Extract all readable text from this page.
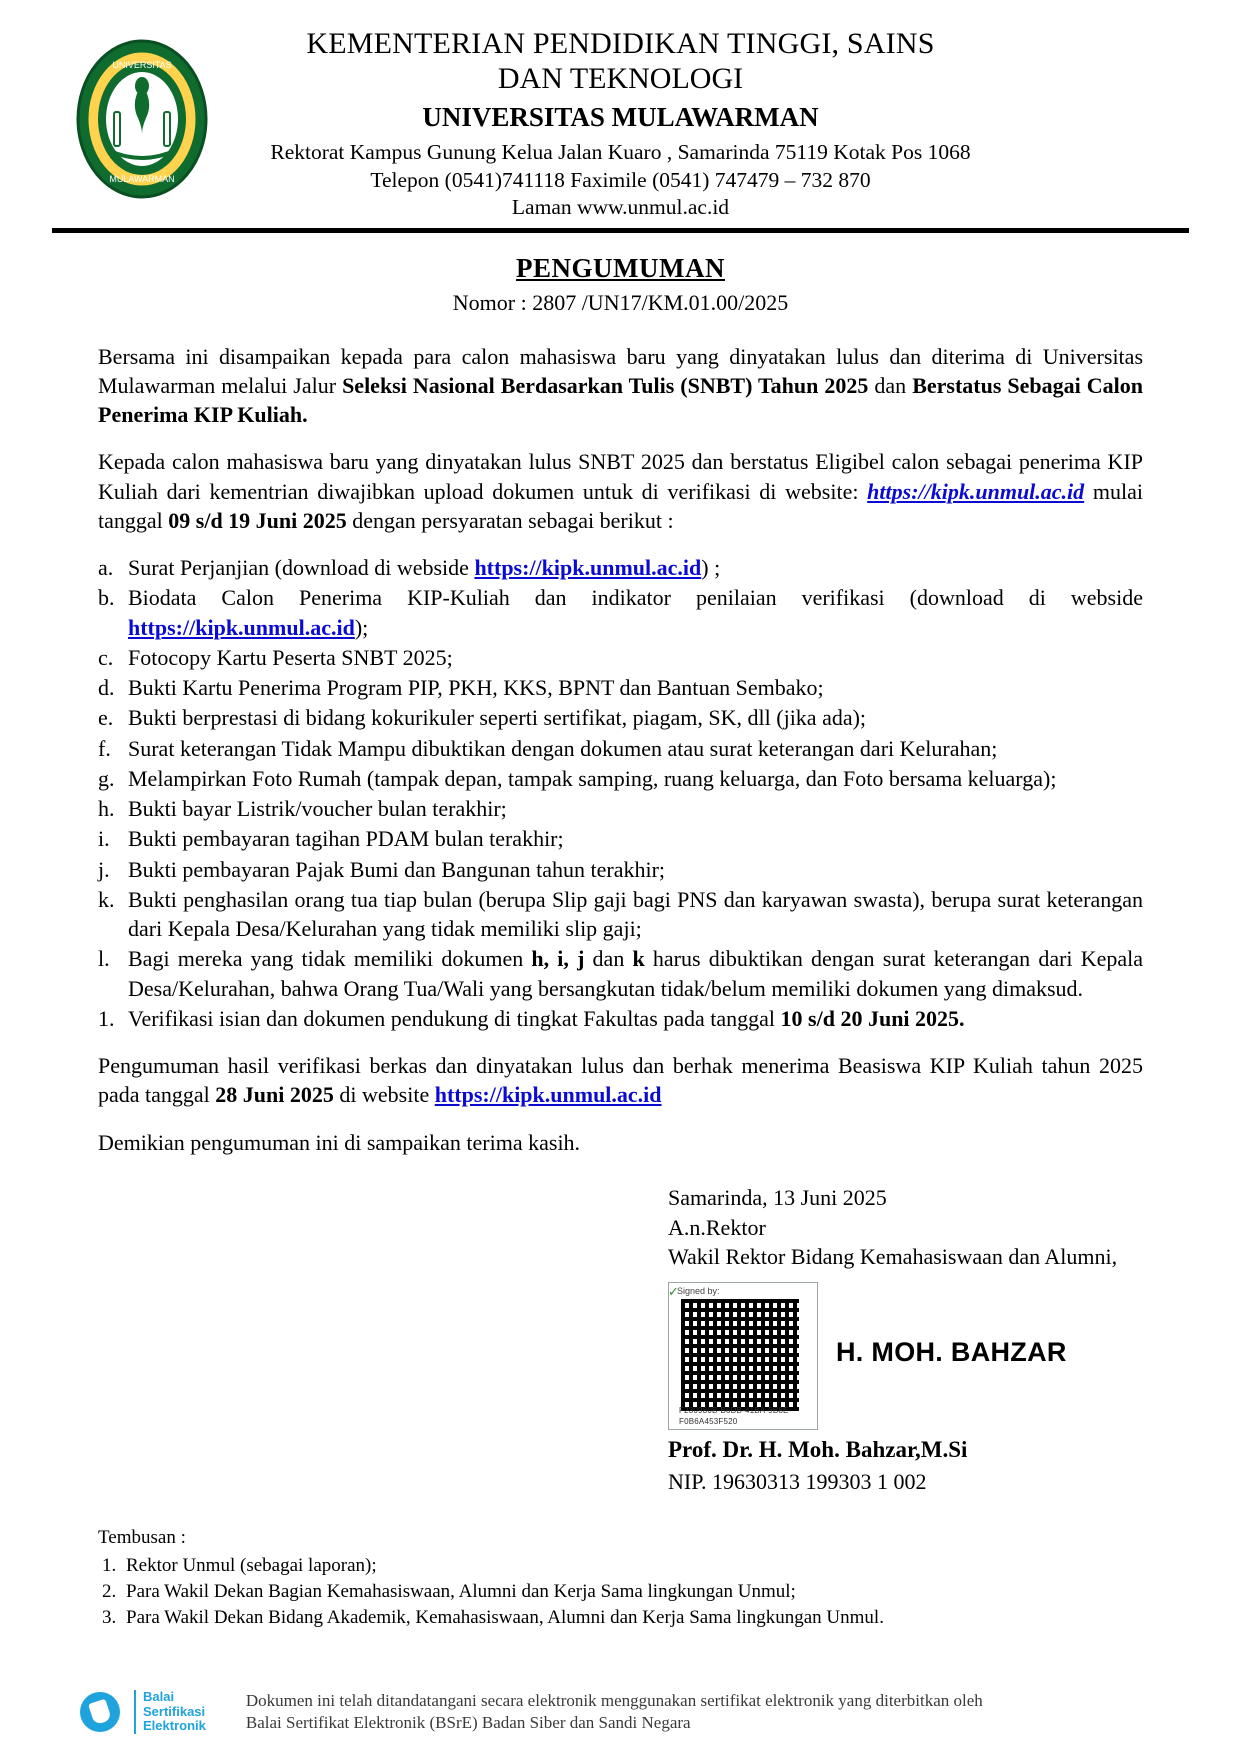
UNIVERSITAS
MULAWARMAN

KEMENTERIAN PENDIDIKAN TINGGI, SAINS

DAN TEKNOLOGI

UNIVERSITAS MULAWARMAN

Rektorat Kampus Gunung Kelua Jalan Kuaro , Samarinda 75119 Kotak Pos 1068

Telepon (0541)741118 Faximile (0541) 747479 – 732 870

Laman www.unmul.ac.id

PENGUMUMAN
Nomor : 2807 /UN17/KM.01.00/2025

Bersama ini disampaikan kepada para calon mahasiswa baru yang dinyatakan lulus dan diterima di Universitas Mulawarman melalui Jalur Seleksi Nasional Berdasarkan Tulis (SNBT) Tahun 2025 dan Berstatus Sebagai Calon Penerima KIP Kuliah.

Kepada calon mahasiswa baru yang dinyatakan lulus SNBT 2025 dan berstatus Eligibel calon sebagai penerima KIP Kuliah dari kementrian diwajibkan upload dokumen untuk di verifikasi di website: https://kipk.unmul.ac.id mulai tanggal 09 s/d 19 Juni 2025 dengan persyaratan sebagai berikut :

a. Surat Perjanjian (download di webside https://kipk.unmul.ac.id) ;
b. Biodata Calon Penerima KIP-Kuliah dan indikator penilaian verifikasi (download di webside https://kipk.unmul.ac.id);
c. Fotocopy Kartu Peserta SNBT 2025;
d. Bukti Kartu Penerima Program PIP, PKH, KKS, BPNT dan Bantuan Sembako;
e. Bukti berprestasi di bidang kokurikuler seperti sertifikat, piagam, SK, dll (jika ada);
f. Surat keterangan Tidak Mampu dibuktikan dengan dokumen atau surat keterangan dari Kelurahan;
g. Melampirkan Foto Rumah (tampak depan, tampak samping, ruang keluarga, dan Foto bersama keluarga);
h. Bukti bayar Listrik/voucher bulan terakhir;
i. Bukti pembayaran tagihan PDAM bulan terakhir;
j. Bukti pembayaran Pajak Bumi dan Bangunan tahun terakhir;
k. Bukti penghasilan orang tua tiap bulan (berupa Slip gaji bagi PNS dan karyawan swasta), berupa surat keterangan dari Kepala Desa/Kelurahan yang tidak memiliki slip gaji;
l. Bagi mereka yang tidak memiliki dokumen h, i, j dan k harus dibuktikan dengan surat keterangan dari Kepala Desa/Kelurahan, bahwa Orang Tua/Wali yang bersangkutan tidak/belum memiliki dokumen yang dimaksud.
1. Verifikasi isian dan dokumen pendukung di tingkat Fakultas pada tanggal 10 s/d 20 Juni 2025.

Pengumuman hasil verifikasi berkas dan dinyatakan lulus dan berhak menerima Beasiswa KIP Kuliah tahun 2025 pada tanggal 28 Juni 2025 di website https://kipk.unmul.ac.id

Demikian pengumuman ini di sampaikan terima kasih.

Samarinda, 13 Juni 2025
A.n.Rektor
Wakil Rektor Bidang Kemahasiswaan dan Alumni,
✓
Signed by:
F230980B-B6DB-41BA-9B8E-F0B6A453F520
H. MOH. BAHZAR
Prof. Dr. H. Moh. Bahzar,M.Si
NIP. 19630313 199303 1 002
Tembusan :
1. Rektor Unmul (sebagai laporan);
2. Para Wakil Dekan Bagian Kemahasiswaan, Alumni dan Kerja Sama lingkungan Unmul;
3. Para Wakil Dekan Bidang Akademik, Kemahasiswaan, Alumni dan Kerja Sama lingkungan Unmul.
Balai
Sertifikasi
Elektronik
Dokumen ini telah ditandatangani secara elektronik menggunakan sertifikat elektronik yang diterbitkan oleh
Balai Sertifikat Elektronik (BSrE) Badan Siber dan Sandi Negara
